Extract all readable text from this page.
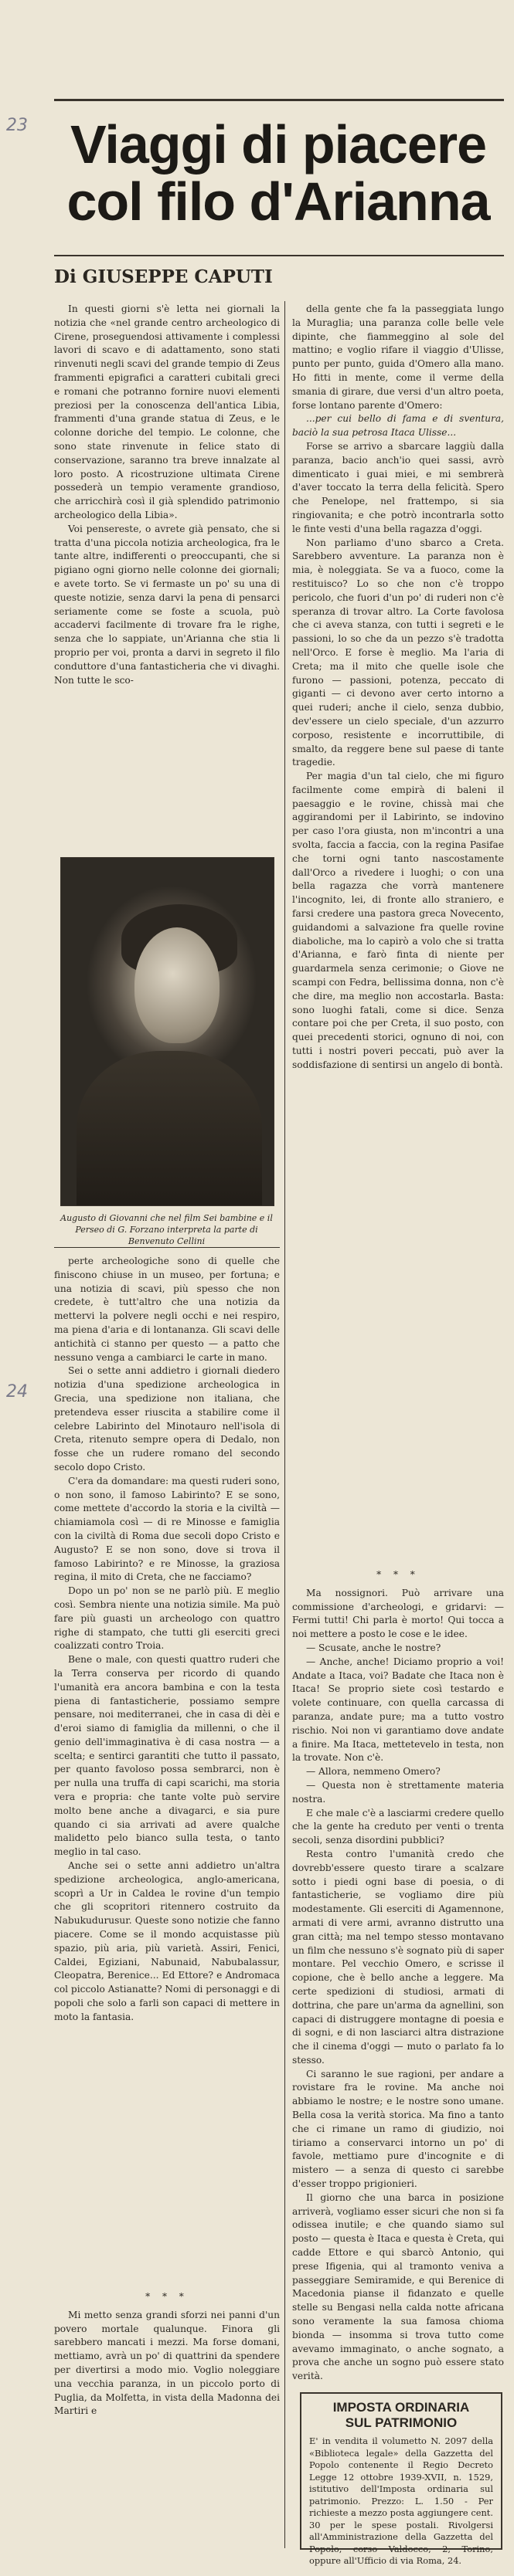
23
24
Viaggi di piacere
col filo d'Arianna
Di GIUSEPPE CAPUTI

In questi giorni s'è letta nei giornali la notizia che «nel grande centro archeologico di Cirene, proseguendosi attivamente i complessi lavori di scavo e di adattamento, sono stati rinvenuti negli scavi del grande tempio di Zeus frammenti epigrafici a caratteri cubitali greci e romani che potranno fornire nuovi elementi preziosi per la conoscenza dell'antica Libia, frammenti d'una grande statua di Zeus, e le colonne doriche del tempio. Le colonne, che sono state rinvenute in felice stato di conservazione, saranno tra breve innalzate al loro posto. A ricostruzione ultimata Cirene possederà un tempio veramente grandioso, che arricchirà così il già splendido patrimonio archeologico della Libia».

Voi pensereste, o avrete già pensato, che si tratta d'una piccola notizia archeologica, fra le tante altre, indifferenti o preoccupanti, che si pigiano ogni giorno nelle colonne dei giornali; e avete torto. Se vi fermaste un po' su una di queste notizie, senza darvi la pena di pensarci seriamente come se foste a scuola, può accadervi facilmente di trovare fra le righe, senza che lo sappiate, un'Arianna che stia li proprio per voi, pronta a darvi in segreto il filo conduttore d'una fantasticheria che vi divaghi. Non tutte le sco-

Augusto di Giovanni che nel film Sei bambine e il Perseo di G. Forzano interpreta la parte di Benvenuto Cellini

perte archeologiche sono di quelle che finiscono chiuse in un museo, per fortuna; e una notizia di scavi, più spesso che non credete, è tutt'altro che una notizia da mettervi la polvere negli occhi e nei respiro, ma piena d'aria e di lontananza. Gli scavi delle antichità ci stanno per questo — a patto che nessuno venga a cambiarci le carte in mano.

Sei o sette anni addietro i giornali diedero notizia d'una spedizione archeologica in Grecia, una spedizione non italiana, che pretendeva esser riuscita a stabilire come il celebre Labirinto del Minotauro nell'isola di Creta, ritenuto sempre opera di Dedalo, non fosse che un rudere romano del secondo secolo dopo Cristo.

C'era da domandare: ma questi ruderi sono, o non sono, il famoso Labirinto? E se sono, come mettete d'accordo la storia e la civiltà — chiamiamola così — di re Minosse e famiglia con la civiltà di Roma due secoli dopo Cristo e Augusto? E se non sono, dove si trova il famoso Labirinto? e re Minosse, la graziosa regina, il mito di Creta, che ne facciamo?

Dopo un po' non se ne parlò più. E meglio così. Sembra niente una notizia simile. Ma può fare più guasti un archeologo con quattro righe di stampato, che tutti gli eserciti greci coalizzati contro Troia.

Bene o male, con questi quattro ruderi che la Terra conserva per ricordo di quando l'umanità era ancora bambina e con la testa piena di fantasticherie, possiamo sempre pensare, noi mediterranei, che in casa di dèi e d'eroi siamo di famiglia da millenni, o che il genio dell'immaginativa è di casa nostra — a scelta; e sentirci garantiti che tutto il passato, per quanto favoloso possa sembrarci, non è per nulla una truffa di capi scarichi, ma storia vera e propria: che tante volte può servire molto bene anche a divagarci, e sia pure quando ci sia arrivati ad avere qualche malidetto pelo bianco sulla testa, o tanto meglio in tal caso.

Anche sei o sette anni addietro un'altra spedizione archeologica, anglo-americana, scoprì a Ur in Caldea le rovine d'un tempio che gli scopritori ritennero costruito da Nabukudurusur. Queste sono notizie che fanno piacere. Come se il mondo acquistasse più spazio, più aria, più varietà. Assiri, Fenici, Caldei, Egiziani, Nabunaid, Nabubalassur, Cleopatra, Berenice... Ed Ettore? e Andromaca col piccolo Astianatte? Nomi di personaggi e di popoli che solo a farli son capaci di mettere in moto la fantasia.

* * *

Mi metto senza grandi sforzi nei panni d'un povero mortale qualunque. Finora gli sarebbero mancati i mezzi. Ma forse domani, mettiamo, avrà un po' di quattrini da spendere per divertirsi a modo mio. Voglio noleggiare una vecchia paranza, in un piccolo porto di Puglia, da Molfetta, in vista della Madonna dei Martiri e

della gente che fa la passeggiata lungo la Muraglia; una paranza colle belle vele dipinte, che fiammeggino al sole del mattino; e voglio rifare il viaggio d'Ulisse, punto per punto, guida d'Omero alla mano. Ho fitti in mente, come il verme della smania di girare, due versi d'un altro poeta, forse lontano parente d'Omero:

...per cui bello di fama e di sventura, baciò la sua petrosa Itaca Ulisse...

Forse se arrivo a sbarcare laggiù dalla paranza, bacio anch'io quei sassi, avrò dimenticato i guai miei, e mi sembrerà d'aver toccato la terra della felicità. Spero che Penelope, nel frattempo, si sia ringiovanita; e che potrò incontrarla sotto le finte vesti d'una bella ragazza d'oggi.

Non parliamo d'uno sbarco a Creta. Sarebbero avventure. La paranza non è mia, è noleggiata. Se va a fuoco, come la restituisco? Lo so che non c'è troppo pericolo, che fuori d'un po' di ruderi non c'è speranza di trovar altro. La Corte favolosa che ci aveva stanza, con tutti i segreti e le passioni, lo so che da un pezzo s'è tradotta nell'Orco. E forse è meglio. Ma l'aria di Creta; ma il mito che quelle isole che furono — passioni, potenza, peccato di giganti — ci devono aver certo intorno a quei ruderi; anche il cielo, senza dubbio, dev'essere un cielo speciale, d'un azzurro corposo, resistente e incorruttibile, di smalto, da reggere bene sul paese di tante tragedie.

Per magia d'un tal cielo, che mi figuro facilmente come empirà di baleni il paesaggio e le rovine, chissà mai che aggirandomi per il Labirinto, se indovino per caso l'ora giusta, non m'incontri a una svolta, faccia a faccia, con la regina Pasifae che torni ogni tanto nascostamente dall'Orco a rivedere i luoghi; o con una bella ragazza che vorrà mantenere l'incognito, lei, di fronte allo straniero, e farsi credere una pastora greca Novecento, guidandomi a salvazione fra quelle rovine diaboliche, ma lo capirò a volo che si tratta d'Arianna, e farò finta di niente per guardarmela senza cerimonie; o Giove ne scampi con Fedra, bellissima donna, non c'è che dire, ma meglio non accostarla. Basta: sono luoghi fatali, come si dice. Senza contare poi che per Creta, il suo posto, con quei precedenti storici, ognuno di noi, con tutti i nostri poveri peccati, può aver la soddisfazione di sentirsi un angelo di bontà.

* * *

Ma nossignori. Può arrivare una commissione d'archeologi, e gridarvi: — Fermi tutti! Chi parla è morto! Qui tocca a noi mettere a posto le cose e le idee.

— Scusate, anche le nostre?

— Anche, anche! Diciamo proprio a voi! Andate a Itaca, voi? Badate che Itaca non è Itaca! Se proprio siete così testardo e volete continuare, con quella carcassa di paranza, andate pure; ma a tutto vostro rischio. Noi non vi garantiamo dove andate a finire. Ma Itaca, mettetevelo in testa, non la trovate. Non c'è.

— Allora, nemmeno Omero?

— Questa non è strettamente materia nostra.

E che male c'è a lasciarmi credere quello che la gente ha creduto per venti o trenta secoli, senza disordini pubblici?

Resta contro l'umanità credo che dovrebb'essere questo tirare a scalzare sotto i piedi ogni base di poesia, o di fantasticherie, se vogliamo dire più modestamente. Gli eserciti di Agamennone, armati di vere armi, avranno distrutto una gran città; ma nel tempo stesso montavano un film che nessuno s'è sognato più di saper montare. Pel vecchio Omero, e scrisse il copione, che è bello anche a leggere. Ma certe spedizioni di studiosi, armati di dottrina, che pare un'arma da agnellini, son capaci di distruggere montagne di poesia e di sogni, e di non lasciarci altra distrazione che il cinema d'oggi — muto o parlato fa lo stesso.

Ci saranno le sue ragioni, per andare a rovistare fra le rovine. Ma anche noi abbiamo le nostre; e le nostre sono umane. Bella cosa la verità storica. Ma fino a tanto che ci rimane un ramo di giudizio, noi tiriamo a conservarci intorno un po' di favole, mettiamo pure d'incognite e di mistero — a senza di questo ci sarebbe d'esser troppo prigionieri.

Il giorno che una barca in posizione arriverà, vogliamo esser sicuri che non si fa odissea inutile; e che quando siamo sul posto — questa è Itaca e questa è Creta, qui cadde Ettore e qui sbarcò Antonio, qui prese Ifigenia, qui al tramonto veniva a passeggiare Semiramide, e qui Berenice di Macedonia pianse il fidanzato e quelle stelle su Bengasi nella calda notte africana sono veramente la sua famosa chioma bionda — insomma si trova tutto come avevamo immaginato, o anche sognato, a prova che anche un sogno può essere stato verità.

IMPOSTA ORDINARIA
SUL PATRIMONIO
E' in vendita il volumetto N. 2097 della «Biblioteca legale» della Gazzetta del Popolo contenente il Regio Decreto Legge 12 ottobre 1939-XVII, n. 1529, istitutivo dell'Imposta ordinaria sul patrimonio. Prezzo: L. 1.50 - Per richieste a mezzo posta aggiungere cent. 30 per le spese postali. Rivolgersi all'Amministrazione della Gazzetta del Popolo, corso Valdocco, 2, Torino, oppure all'Ufficio di via Roma, 24.
